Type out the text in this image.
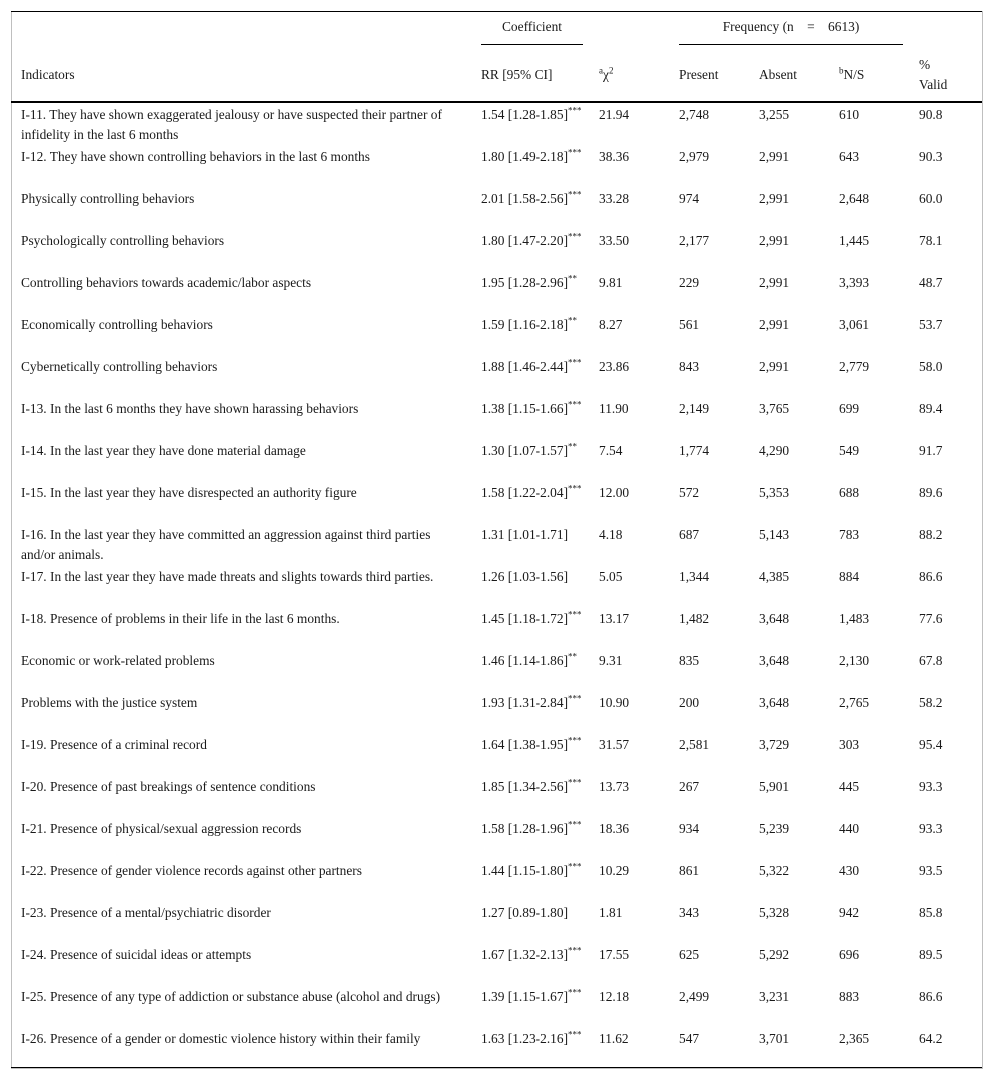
	Coefficient		Frequency (n  =  6613)			

Indicators	RR [95% CI]	$^a\chi^2$	Present	Absent	$^b$N/S	%
Valid
I-11. They have shown exaggerated jealousy or have suspected their partner of infidelity in the last 6 months	1.54 [1.28-1.85]***	21.94	2,748	3,255	610	90.8
I-12. They have shown controlling behaviors in the last 6 months	1.80 [1.49-2.18]***	38.36	2,979	2,991	643	90.3
Physically controlling behaviors	2.01 [1.58-2.56]***	33.28	974	2,991	2,648	60.0
Psychologically controlling behaviors	1.80 [1.47-2.20]***	33.50	2,177	2,991	1,445	78.1
Controlling behaviors towards academic/labor aspects	1.95 [1.28-2.96]**	9.81	229	2,991	3,393	48.7
Economically controlling behaviors	1.59 [1.16-2.18]**	8.27	561	2,991	3,061	53.7
Cybernetically controlling behaviors	1.88 [1.46-2.44]***	23.86	843	2,991	2,779	58.0
I-13. In the last 6 months they have shown harassing behaviors	1.38 [1.15-1.66]***	11.90	2,149	3,765	699	89.4
I-14. In the last year they have done material damage	1.30 [1.07-1.57]**	7.54	1,774	4,290	549	91.7
I-15. In the last year they have disrespected an authority figure	1.58 [1.22-2.04]***	12.00	572	5,353	688	89.6
I-16. In the last year they have committed an aggression against third parties and/or animals.	1.31 [1.01-1.71]	4.18	687	5,143	783	88.2
I-17. In the last year they have made threats and slights towards third parties.	1.26 [1.03-1.56]	5.05	1,344	4,385	884	86.6
I-18. Presence of problems in their life in the last 6 months.	1.45 [1.18-1.72]***	13.17	1,482	3,648	1,483	77.6
Economic or work-related problems	1.46 [1.14-1.86]**	9.31	835	3,648	2,130	67.8
Problems with the justice system	1.93 [1.31-2.84]***	10.90	200	3,648	2,765	58.2
I-19. Presence of a criminal record	1.64 [1.38-1.95]***	31.57	2,581	3,729	303	95.4
I-20. Presence of past breakings of sentence conditions	1.85 [1.34-2.56]***	13.73	267	5,901	445	93.3
I-21. Presence of physical/sexual aggression records	1.58 [1.28-1.96]***	18.36	934	5,239	440	93.3
I-22. Presence of gender violence records against other partners	1.44 [1.15-1.80]***	10.29	861	5,322	430	93.5
I-23. Presence of a mental/psychiatric disorder	1.27 [0.89-1.80]	1.81	343	5,328	942	85.8
I-24. Presence of suicidal ideas or attempts	1.67 [1.32-2.13]***	17.55	625	5,292	696	89.5
I-25. Presence of any type of addiction or substance abuse (alcohol and drugs)	1.39 [1.15-1.67]***	12.18	2,499	3,231	883	86.6
I-26. Presence of a gender or domestic violence history within their family	1.63 [1.23-2.16]***	11.62	547	3,701	2,365	64.2
